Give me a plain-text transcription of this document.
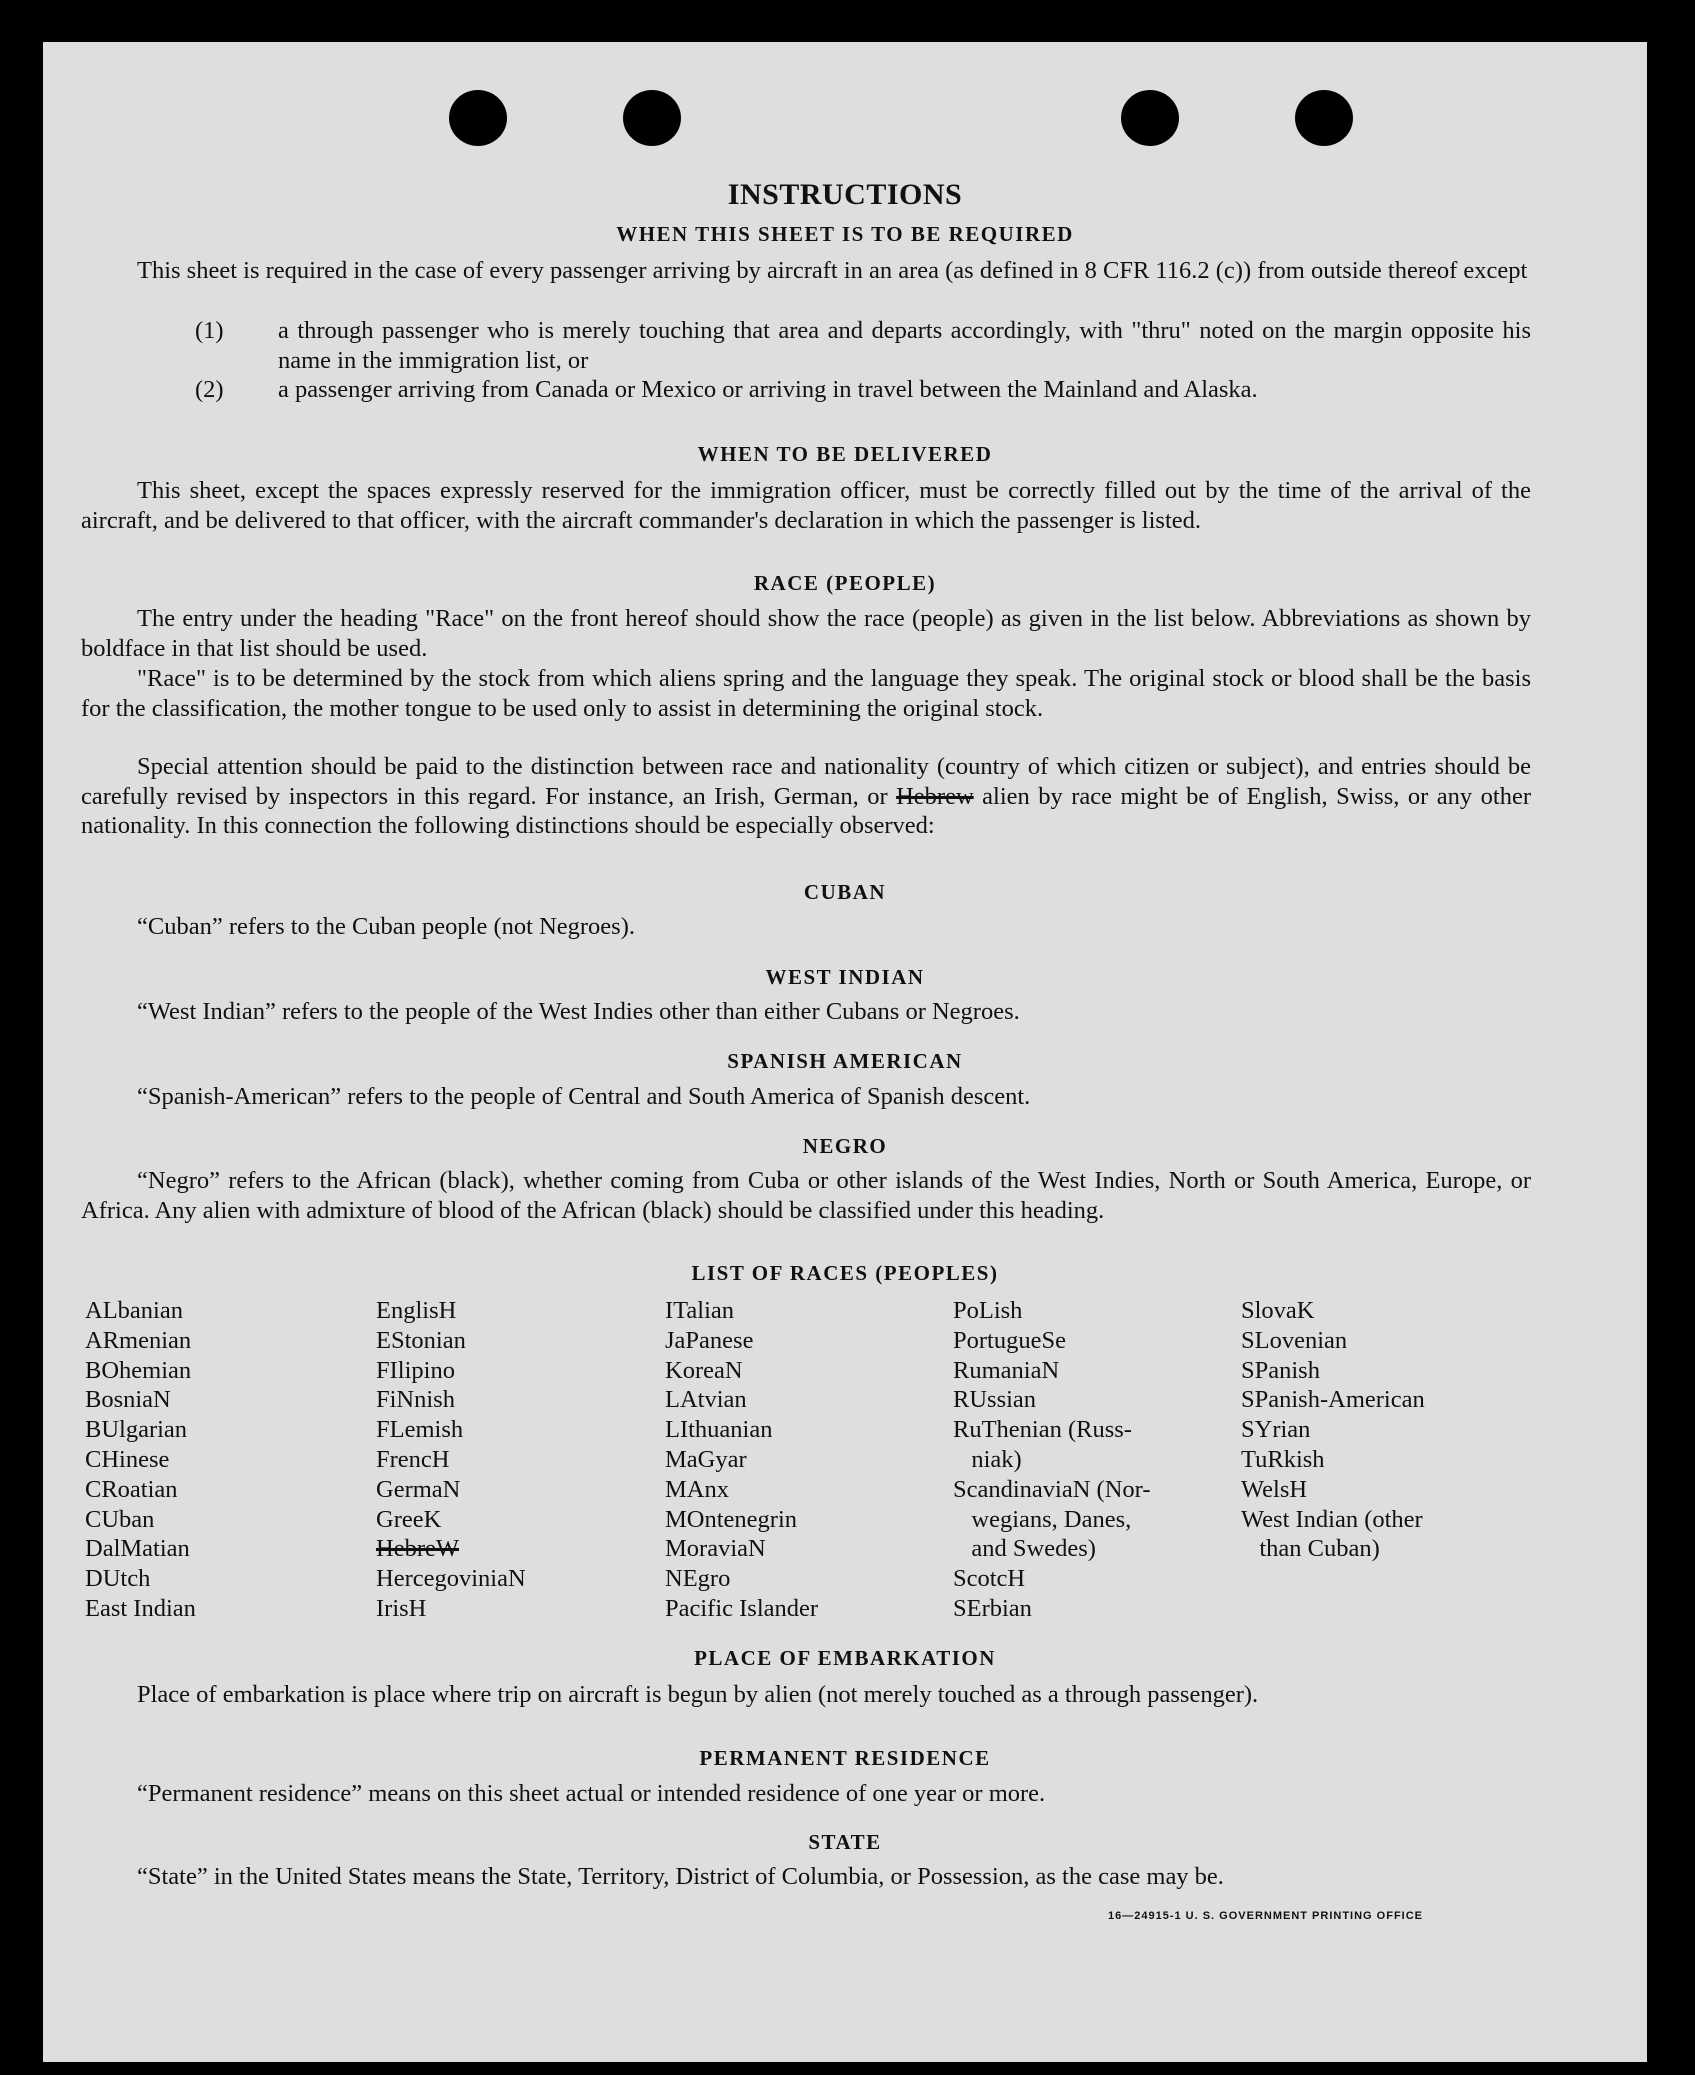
INSTRUCTIONS
WHEN THIS SHEET IS TO BE REQUIRED

This sheet is required in the case of every passenger arriving by aircraft in an area (as defined in 8 CFR 116.2 (c)) from outside thereof except

(1) a through passenger who is merely touching that area and departs accordingly, with "thru" noted on the margin opposite his name in the immigration list, or

(2) a passenger arriving from Canada or Mexico or arriving in travel between the Mainland and Alaska.

WHEN TO BE DELIVERED

This sheet, except the spaces expressly reserved for the immigration officer, must be correctly filled out by the time of the arrival of the aircraft, and be delivered to that officer, with the aircraft commander's declaration in which the passenger is listed.

RACE (PEOPLE)

The entry under the heading "Race" on the front hereof should show the race (people) as given in the list below. Abbreviations as shown by boldface in that list should be used.

"Race" is to be determined by the stock from which aliens spring and the language they speak. The original stock or blood shall be the basis for the classification, the mother tongue to be used only to assist in determining the original stock.

Special attention should be paid to the distinction between race and nationality (country of which citizen or subject), and entries should be carefully revised by inspectors in this regard. For instance, an Irish, German, or Hebrew alien by race might be of English, Swiss, or any other nationality. In this connection the following distinctions should be especially observed:

CUBAN

“Cuban” refers to the Cuban people (not Negroes).

WEST INDIAN

“West Indian” refers to the people of the West Indies other than either Cubans or Negroes.

SPANISH AMERICAN

“Spanish-American” refers to the people of Central and South America of Spanish descent.

NEGRO

“Negro” refers to the African (black), whether coming from Cuba or other islands of the West Indies, North or South America, Europe, or Africa. Any alien with admixture of blood of the African (black) should be classified under this heading.

LIST OF RACES (PEOPLES)
ALbanian
ARmenian
BOhemian
BosniaN
BUlgarian
CHinese
CRoatian
CUban
DalMatian
DUtch
East Indian
EnglisH
EStonian
FIlipino
FiNnish
FLemish
FrencH
GermaN
GreeK
HebreW
HercegoviniaN
IrisH
ITalian
JaPanese
KoreaN
LAtvian
LIthuanian
MaGyar
MAnx
MOntenegrin
MoraviaN
NEgro
Pacific Islander
PoLish
PortugueSe
RumaniaN
RUssian
RuThenian (Russ-
niak)
ScandinaviaN (Nor-
wegians, Danes,
and Swedes)
ScotcH
SErbian
SlovaK
SLovenian
SPanish
SPanish-American
SYrian
TuRkish
WelsH
West Indian (other
than Cuban)
PLACE OF EMBARKATION

Place of embarkation is place where trip on aircraft is begun by alien (not merely touched as a through passenger).

PERMANENT RESIDENCE

“Permanent residence” means on this sheet actual or intended residence of one year or more.

STATE

“State” in the United States means the State, Territory, District of Columbia, or Possession, as the case may be.

16—24915-1 U. S. GOVERNMENT PRINTING OFFICE
